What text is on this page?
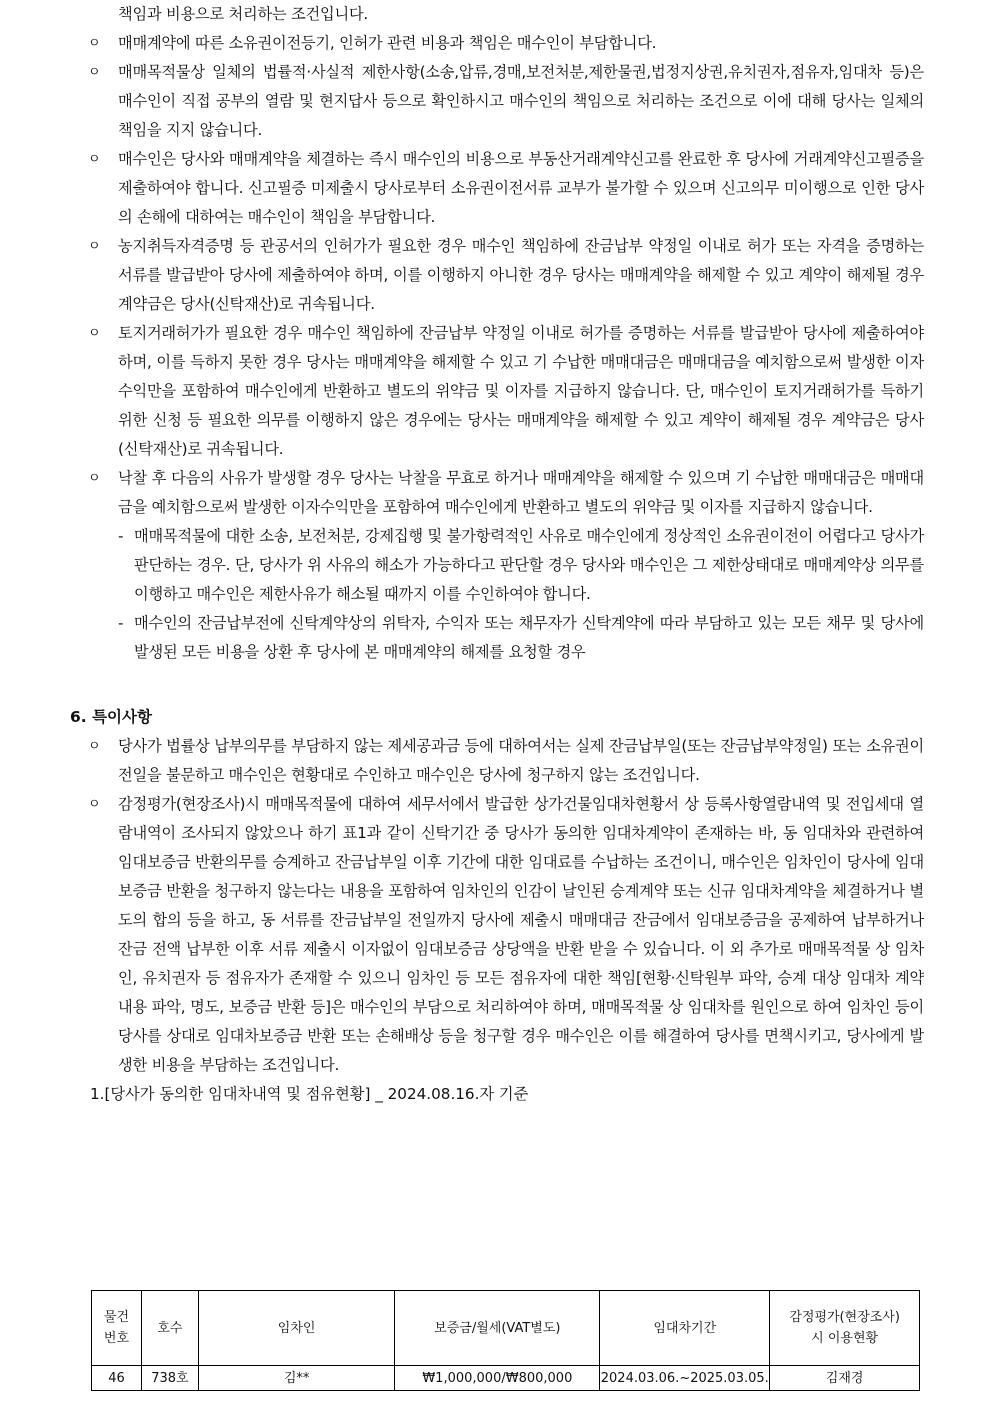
책임과 비용으로 처리하는 조건입니다.
ㅇ 매매계약에 따른 소유권이전등기, 인허가 관련 비용과 책임은 매수인이 부담합니다.
ㅇ 매매목적물상 일체의 법률적·사실적 제한사항(소송,압류,경매,보전처분,제한물권,법정지상권,유치권자,점유자,임대차 등)은 매수인이 직접 공부의 열람 및 현지답사 등으로 확인하시고 매수인의 책임으로 처리하는 조건으로 이에 대해 당사는 일체의 책임을 지지 않습니다.
ㅇ 매수인은 당사와 매매계약을 체결하는 즉시 매수인의 비용으로 부동산거래계약신고를 완료한 후 당사에 거래계약신고필증을 제출하여야 합니다. 신고필증 미제출시 당사로부터 소유권이전서류 교부가 불가할 수 있으며 신고의무 미이행으로 인한 당사의 손해에 대하여는 매수인이 책임을 부담합니다.
ㅇ 농지취득자격증명 등 관공서의 인허가가 필요한 경우 매수인 책임하에 잔금납부 약정일 이내로 허가 또는 자격을 증명하는 서류를 발급받아 당사에 제출하여야 하며, 이를 이행하지 아니한 경우 당사는 매매계약을 해제할 수 있고 계약이 해제될 경우 계약금은 당사(신탁재산)로 귀속됩니다.
ㅇ 토지거래허가가 필요한 경우 매수인 책임하에 잔금납부 약정일 이내로 허가를 증명하는 서류를 발급받아 당사에 제출하여야 하며, 이를 득하지 못한 경우 당사는 매매계약을 해제할 수 있고 기 수납한 매매대금은 매매대금을 예치함으로써 발생한 이자수익만을 포함하여 매수인에게 반환하고 별도의 위약금 및 이자를 지급하지 않습니다. 단, 매수인이 토지거래허가를 득하기 위한 신청 등 필요한 의무를 이행하지 않은 경우에는 당사는 매매계약을 해제할 수 있고 계약이 해제될 경우 계약금은 당사(신탁재산)로 귀속됩니다.
ㅇ 낙찰 후 다음의 사유가 발생할 경우 당사는 낙찰을 무효로 하거나 매매계약을 해제할 수 있으며 기 수납한 매매대금은 매매대금을 예치함으로써 발생한 이자수익만을 포함하여 매수인에게 반환하고 별도의 위약금 및 이자를 지급하지 않습니다.
- 매매목적물에 대한 소송, 보전처분, 강제집행 및 불가항력적인 사유로 매수인에게 정상적인 소유권이전이 어렵다고 당사가 판단하는 경우. 단, 당사가 위 사유의 해소가 가능하다고 판단할 경우 당사와 매수인은 그 제한상태대로 매매계약상 의무를 이행하고 매수인은 제한사유가 해소될 때까지 이를 수인하여야 합니다.
- 매수인의 잔금납부전에 신탁계약상의 위탁자, 수익자 또는 채무자가 신탁계약에 따라 부담하고 있는 모든 채무 및 당사에 발생된 모든 비용을 상환 후 당사에 본 매매계약의 해제를 요청할 경우
6. 특이사항
ㅇ 당사가 법률상 납부의무를 부담하지 않는 제세공과금 등에 대하여서는 실제 잔금납부일(또는 잔금납부약정일) 또는 소유권이전일을 불문하고 매수인은 현황대로 수인하고 매수인은 당사에 청구하지 않는 조건입니다.
ㅇ 감정평가(현장조사)시 매매목적물에 대하여 세무서에서 발급한 상가건물임대차현황서 상 등록사항열람내역 및 전입세대 열람내역이 조사되지 않았으나 하기 표1과 같이 신탁기간 중 당사가 동의한 임대차계약이 존재하는 바, 동 임대차와 관련하여 임대보증금 반환의무를 승계하고 잔금납부일 이후 기간에 대한 임대료를 수납하는 조건이니, 매수인은 임차인이 당사에 임대보증금 반환을 청구하지 않는다는 내용을 포함하여 임차인의 인감이 날인된 승계계약 또는 신규 임대차계약을 체결하거나 별도의 합의 등을 하고, 동 서류를 잔금납부일 전일까지 당사에 제출시 매매대금 잔금에서 임대보증금을 공제하여 납부하거나 잔금 전액 납부한 이후 서류 제출시 이자없이 임대보증금 상당액을 반환 받을 수 있습니다. 이 외 추가로 매매목적물 상 임차인, 유치권자 등 점유자가 존재할 수 있으니 임차인 등 모든 점유자에 대한 책임[현황·신탁원부 파악, 승계 대상 임대차 계약 내용 파악, 명도, 보증금 반환 등]은 매수인의 부담으로 처리하여야 하며, 매매목적물 상 임대차를 원인으로 하여 임차인 등이 당사를 상대로 임대차보증금 반환 또는 손해배상 등을 청구할 경우 매수인은 이를 해결하여 당사를 면책시키고, 당사에게 발생한 비용을 부담하는 조건입니다.
1.[당사가 동의한 임대차내역 및 점유현황] _ 2024.08.16.자 기준
물건
번호	호수	임차인	보증금/월세(VAT별도)	임대차기간	감정평가(현장조사)
시 이용현황
46	738호	김**	₩1,000,000/₩800,000	2024.03.06.~2025.03.05.	김재경
